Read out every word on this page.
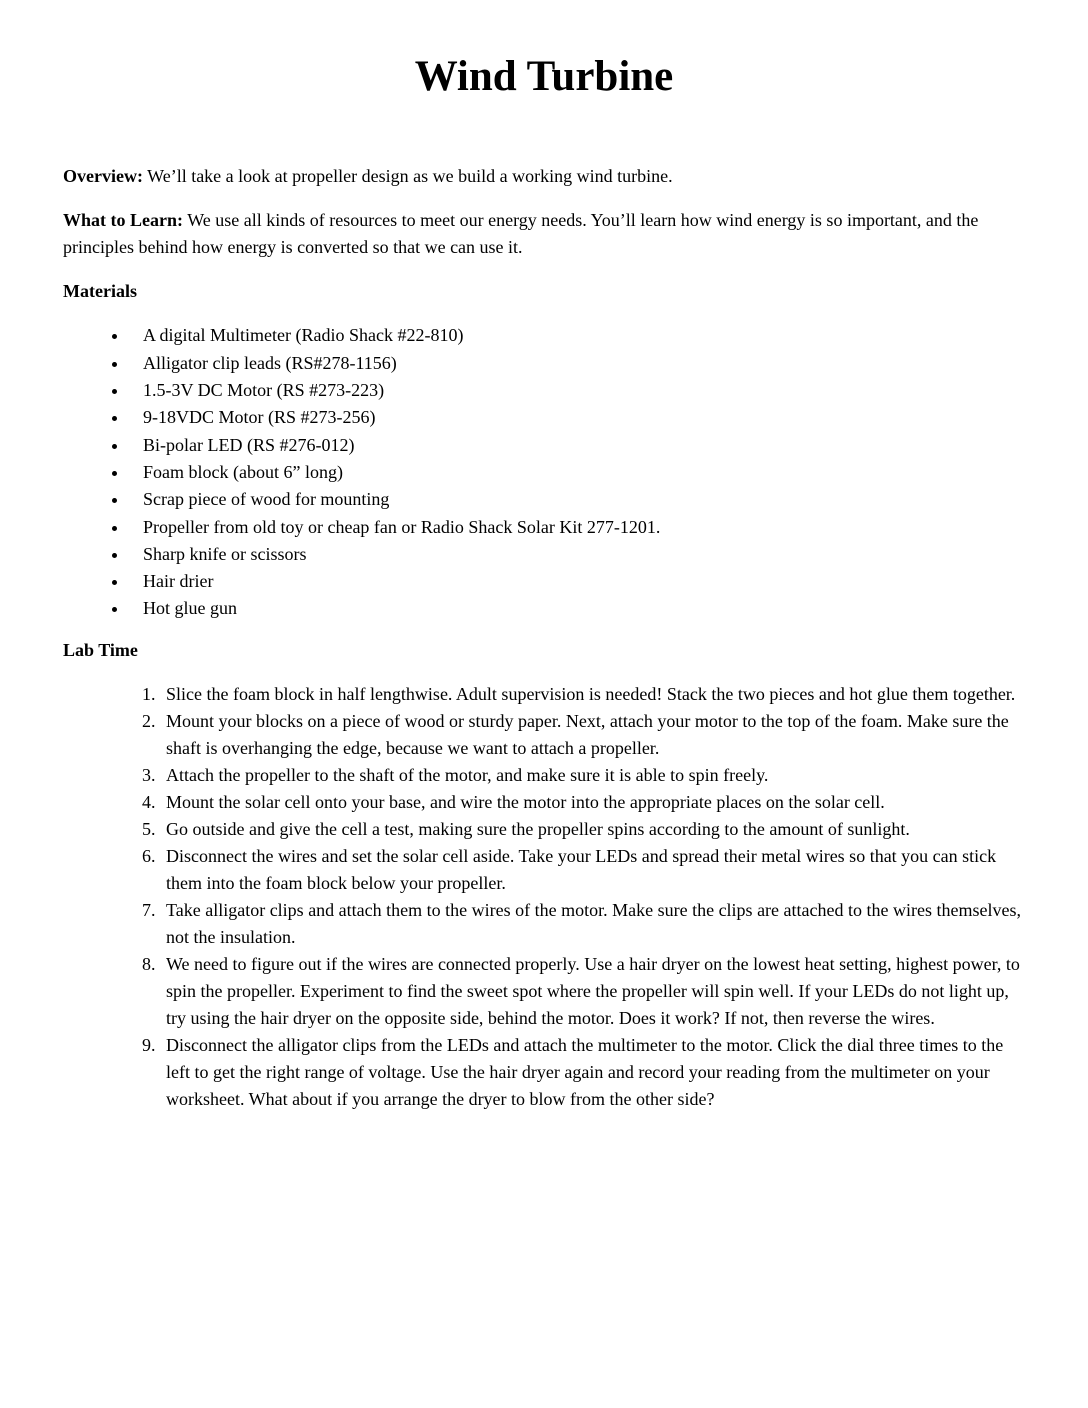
Wind Turbine

Overview: We’ll take a look at propeller design as we build a working wind turbine.

What to Learn: We use all kinds of resources to meet our energy needs. You’ll learn how wind energy is so important, and the principles behind how energy is converted so that we can use it.

Materials
• A digital Multimeter (Radio Shack #22-810)
• Alligator clip leads (RS#278-1156)
• 1.5-3V DC Motor (RS #273-223)
• 9-18VDC Motor (RS #273-256)
• Bi-polar LED (RS #276-012)
• Foam block (about 6” long)
• Scrap piece of wood for mounting
• Propeller from old toy or cheap fan or Radio Shack Solar Kit 277-1201.
• Sharp knife or scissors
• Hair drier
• Hot glue gun
Lab Time
1. Slice the foam block in half lengthwise. Adult supervision is needed! Stack the two pieces and hot glue them together.
2. Mount your blocks on a piece of wood or sturdy paper. Next, attach your motor to the top of the foam. Make sure the shaft is overhanging the edge, because we want to attach a propeller.
3. Attach the propeller to the shaft of the motor, and make sure it is able to spin freely.
4. Mount the solar cell onto your base, and wire the motor into the appropriate places on the solar cell.
5. Go outside and give the cell a test, making sure the propeller spins according to the amount of sunlight.
6. Disconnect the wires and set the solar cell aside. Take your LEDs and spread their metal wires so that you can stick them into the foam block below your propeller.
7. Take alligator clips and attach them to the wires of the motor. Make sure the clips are attached to the wires themselves, not the insulation.
8. We need to figure out if the wires are connected properly. Use a hair dryer on the lowest heat setting, highest power, to spin the propeller. Experiment to find the sweet spot where the propeller will spin well. If your LEDs do not light up, try using the hair dryer on the opposite side, behind the motor. Does it work? If not, then reverse the wires.
9. Disconnect the alligator clips from the LEDs and attach the multimeter to the motor. Click the dial three times to the left to get the right range of voltage. Use the hair dryer again and record your reading from the multimeter on your worksheet. What about if you arrange the dryer to blow from the other side?
